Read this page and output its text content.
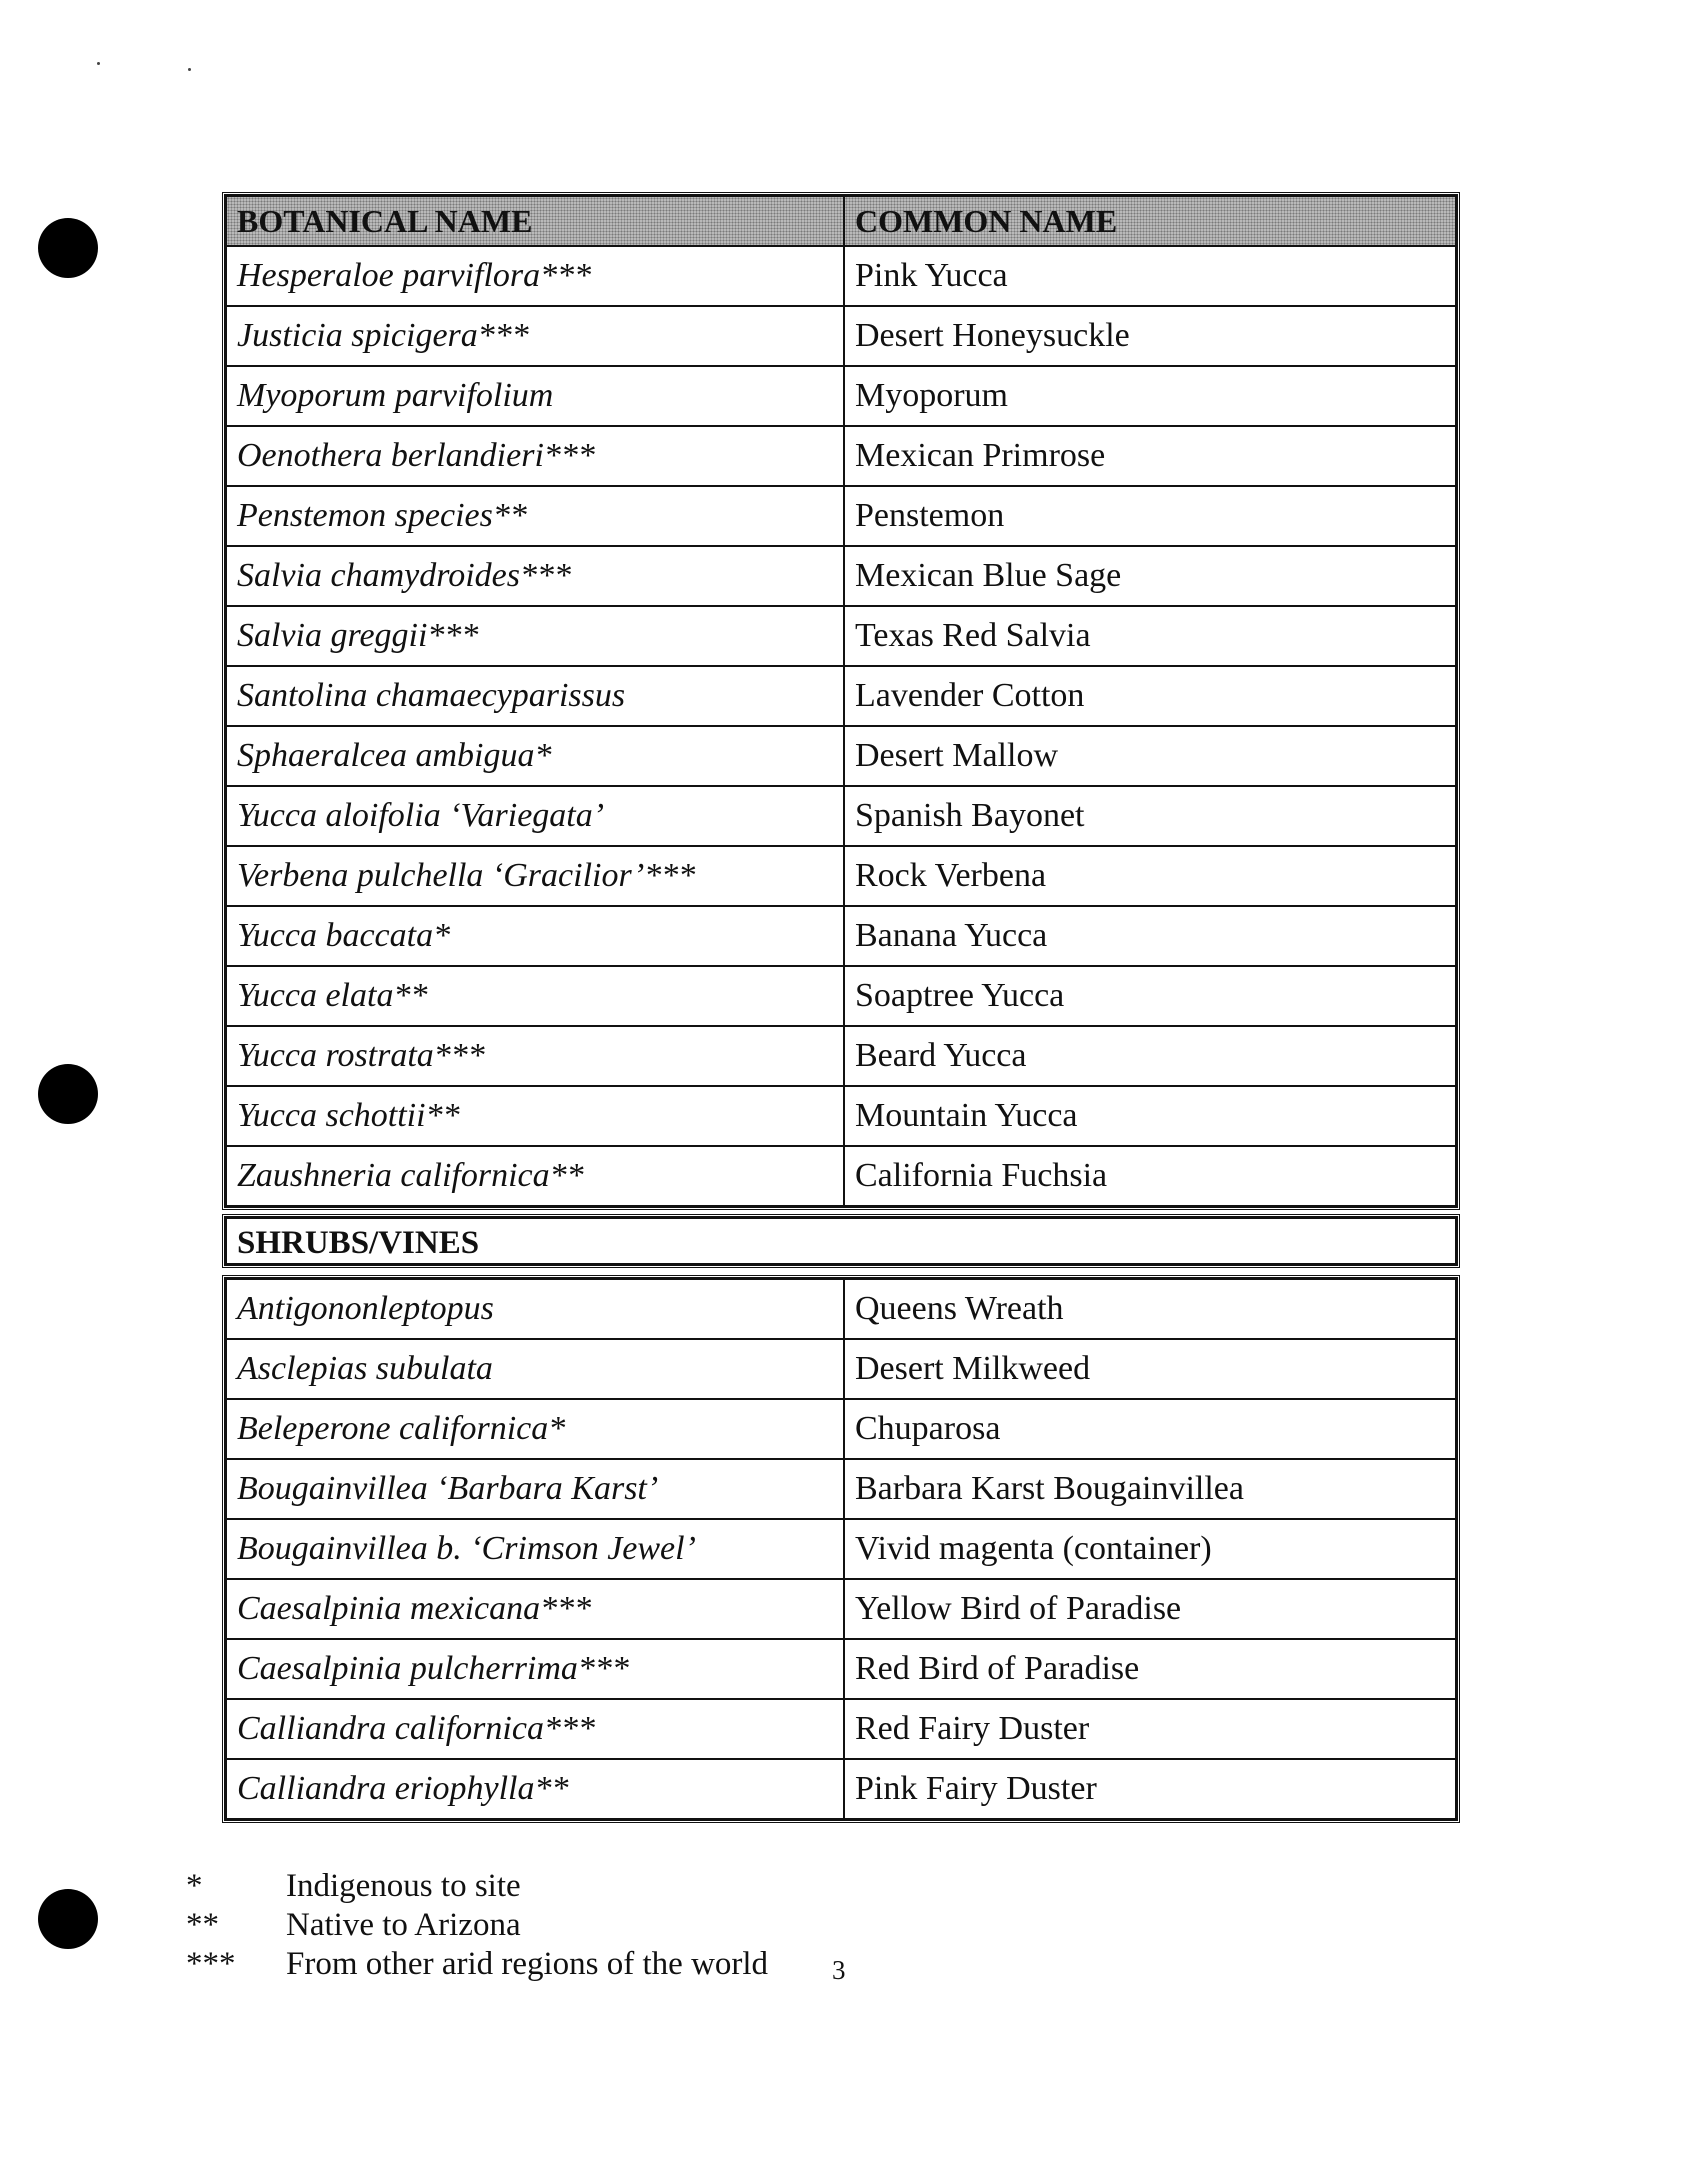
BOTANICAL NAME	COMMON NAME
Hesperaloe parviflora***	Pink Yucca
Justicia spicigera***	Desert Honeysuckle
Myoporum parvifolium	Myoporum
Oenothera berlandieri***	Mexican Primrose
Penstemon species**	Penstemon
Salvia chamydroides***	Mexican Blue Sage
Salvia greggii***	Texas Red Salvia
Santolina chamaecyparissus	Lavender Cotton
Sphaeralcea ambigua*	Desert Mallow
Yucca aloifolia ‘Variegata’	Spanish Bayonet
Verbena pulchella ‘Gracilior’***	Rock Verbena
Yucca baccata*	Banana Yucca
Yucca elata**	Soaptree Yucca
Yucca rostrata***	Beard Yucca
Yucca schottii**	Mountain Yucca
Zaushneria californica**	California Fuchsia
SHRUBS/VINES
Antigononleptopus	Queens Wreath
Asclepias subulata	Desert Milkweed
Beleperone californica*	Chuparosa
Bougainvillea ‘Barbara Karst’	Barbara Karst Bougainvillea
Bougainvillea b. ‘Crimson Jewel’	Vivid magenta (container)
Caesalpinia mexicana***	Yellow Bird of Paradise
Caesalpinia pulcherrima***	Red Bird of Paradise
Calliandra californica***	Red Fairy Duster
Calliandra eriophylla**	Pink Fairy Duster
*	Indigenous to site
**	Native to Arizona
***	From other arid regions of the world 3
